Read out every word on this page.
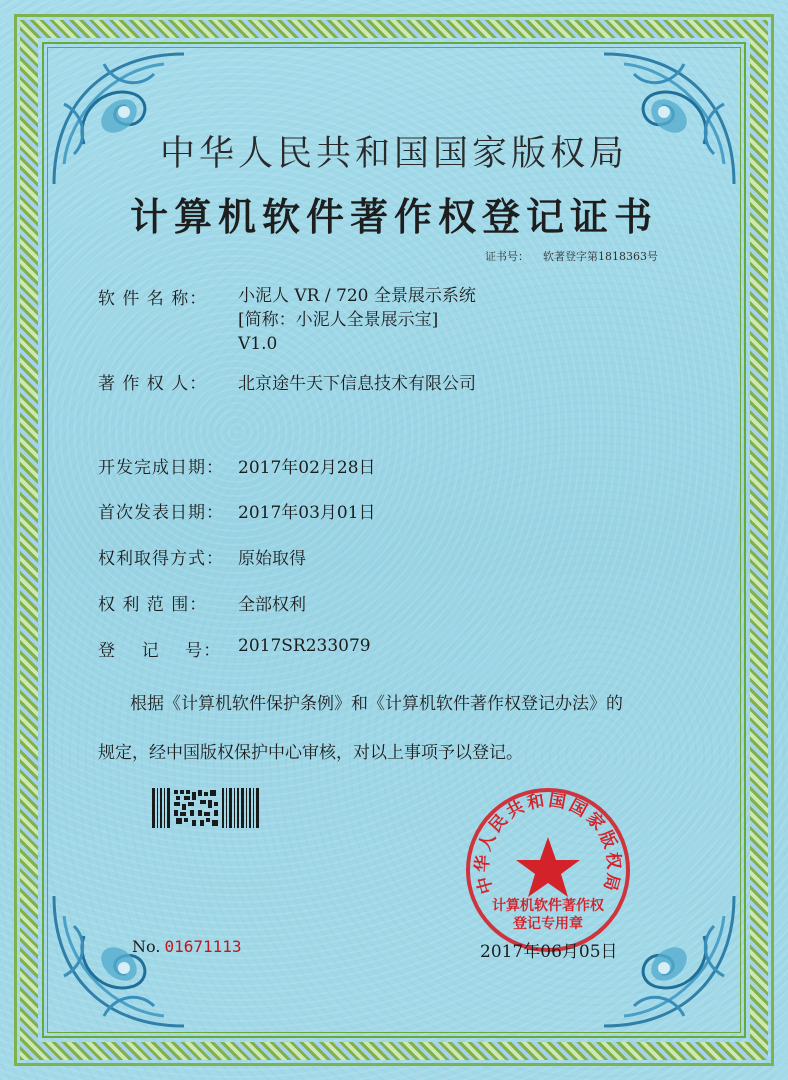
中华人民共和国国家版权局
计算机软件著作权登记证书
证书号： 软著登字第1818363号
软 件 名 称： 小泥人 VR / 720 全景展示系统
[简称：小泥人全景展示宝]
V1.0
著 作 权 人： 北京途牛天下信息技术有限公司
开发完成日期： 2017年02月28日
首次发表日期： 2017年03月01日
权利取得方式： 原始取得
权 利 范 围： 全部权利
登    记    号： 2017SR233079
根据《计算机软件保护条例》和《计算机软件著作权登记办法》的
规定，经中国版权保护中心审核，对以上事项予以登记。
No. 01671113
中华人民共和国国家版权局
计算机软件著作权
登记专用章
2017年06月05日
